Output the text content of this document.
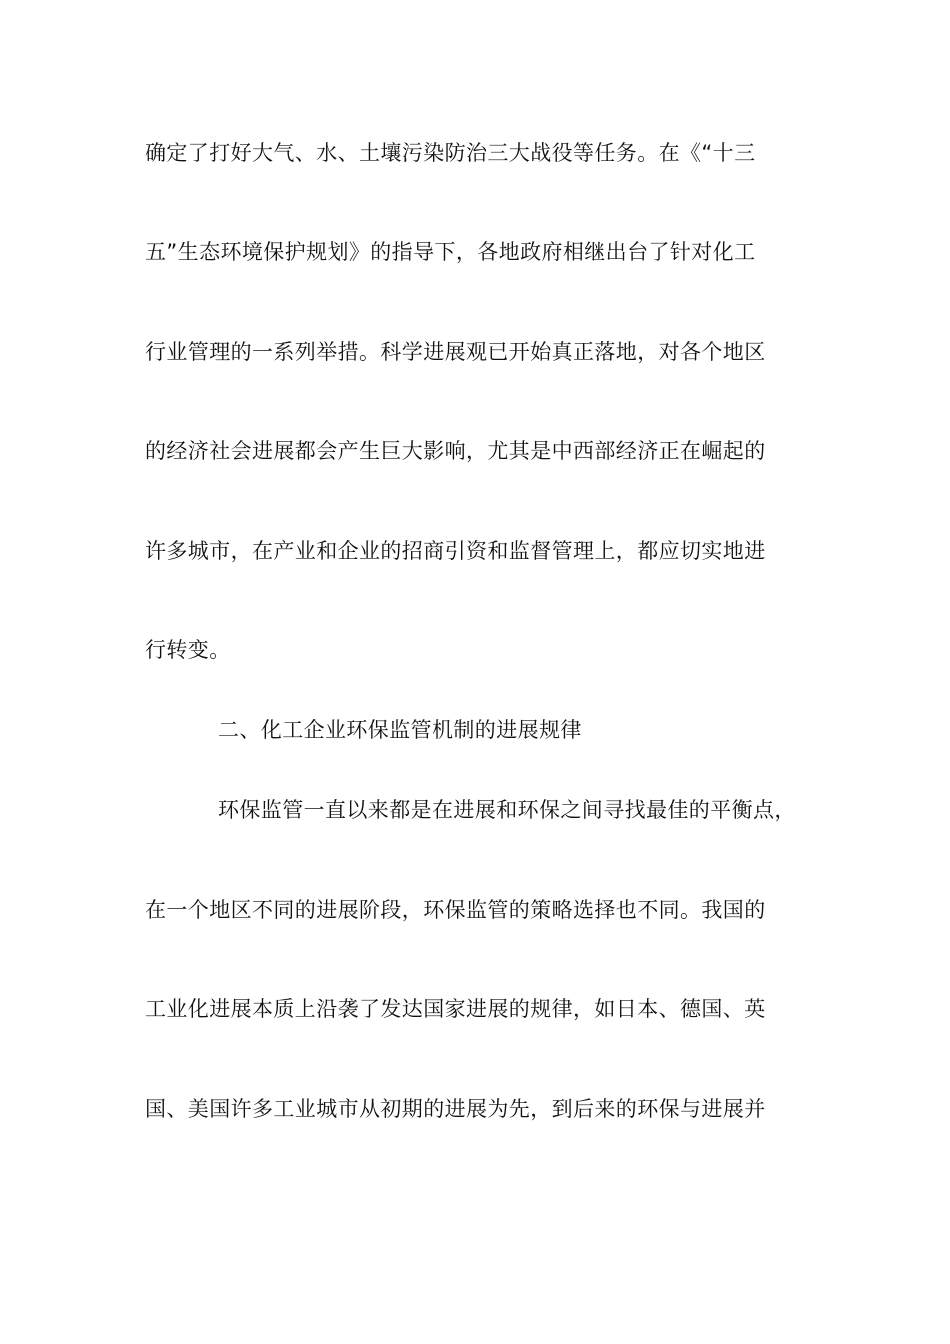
确定了打好大气、水、土壤污染防治三大战役等任务。在《“十三
五”生态环境保护规划》的指导下，各地政府相继出台了针对化工
行业管理的一系列举措。科学进展观已开始真正落地，对各个地区
的经济社会进展都会产生巨大影响，尤其是中西部经济正在崛起的
许多城市，在产业和企业的招商引资和监督管理上，都应切实地进
行转变。
二、化工企业环保监管机制的进展规律
环保监管一直以来都是在进展和环保之间寻找最佳的平衡点，
在一个地区不同的进展阶段，环保监管的策略选择也不同。我国的
工业化进展本质上沿袭了发达国家进展的规律，如日本、德国、英
国、美国许多工业城市从初期的进展为先，到后来的环保与进展并
